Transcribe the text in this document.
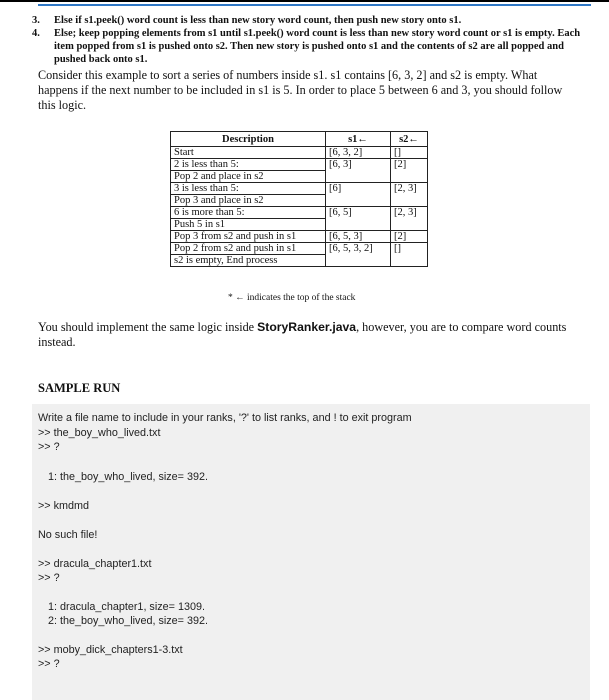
3.	Else if s1.peek() word count is less than new story word count, then push new story onto s1.
4.	Else; keep popping elements from s1 until s1.peek() word count is less than new story word count or s1 is empty. Each item popped from s1 is pushed onto s2. Then new story is pushed onto s1 and the contents of s2 are all popped and pushed back onto s1.
Consider this example to sort a series of numbers inside s1. s1 contains [6, 3, 2] and s2 is empty. What happens if the next number to be included in s1 is 5. In order to place 5 between 6 and 3, you should follow this logic.
Description	s1←	s2←
Start	[6, 3, 2]	[]
2 is less than 5:	[6, 3]	[2]
Pop 2 and place in s2		
3 is less than 5:	[6]	[2, 3]
Pop 3 and place in s2		
6 is more than 5:	[6, 5]	[2, 3]
Push 5 in s1		
Pop 3 from s2 and push in s1	[6, 5, 3]	[2]
Pop 2 from s2 and push in s1	[6, 5, 3, 2]	[]
s2 is empty, End process		
* ← indicates the top of the stack
You should implement the same logic inside StoryRanker.java, however, you are to compare word counts instead.
SAMPLE RUN
Write a file name to include in your ranks, '?' to list ranks, and ! to exit program
>> the_boy_who_lived.txt
>> ?
1: the_boy_who_lived, size= 392.
>> kmdmd
No such file!
>> dracula_chapter1.txt
>> ?
1: dracula_chapter1, size= 1309.
2: the_boy_who_lived, size= 392.
>> moby_dick_chapters1-3.txt
>> ?
